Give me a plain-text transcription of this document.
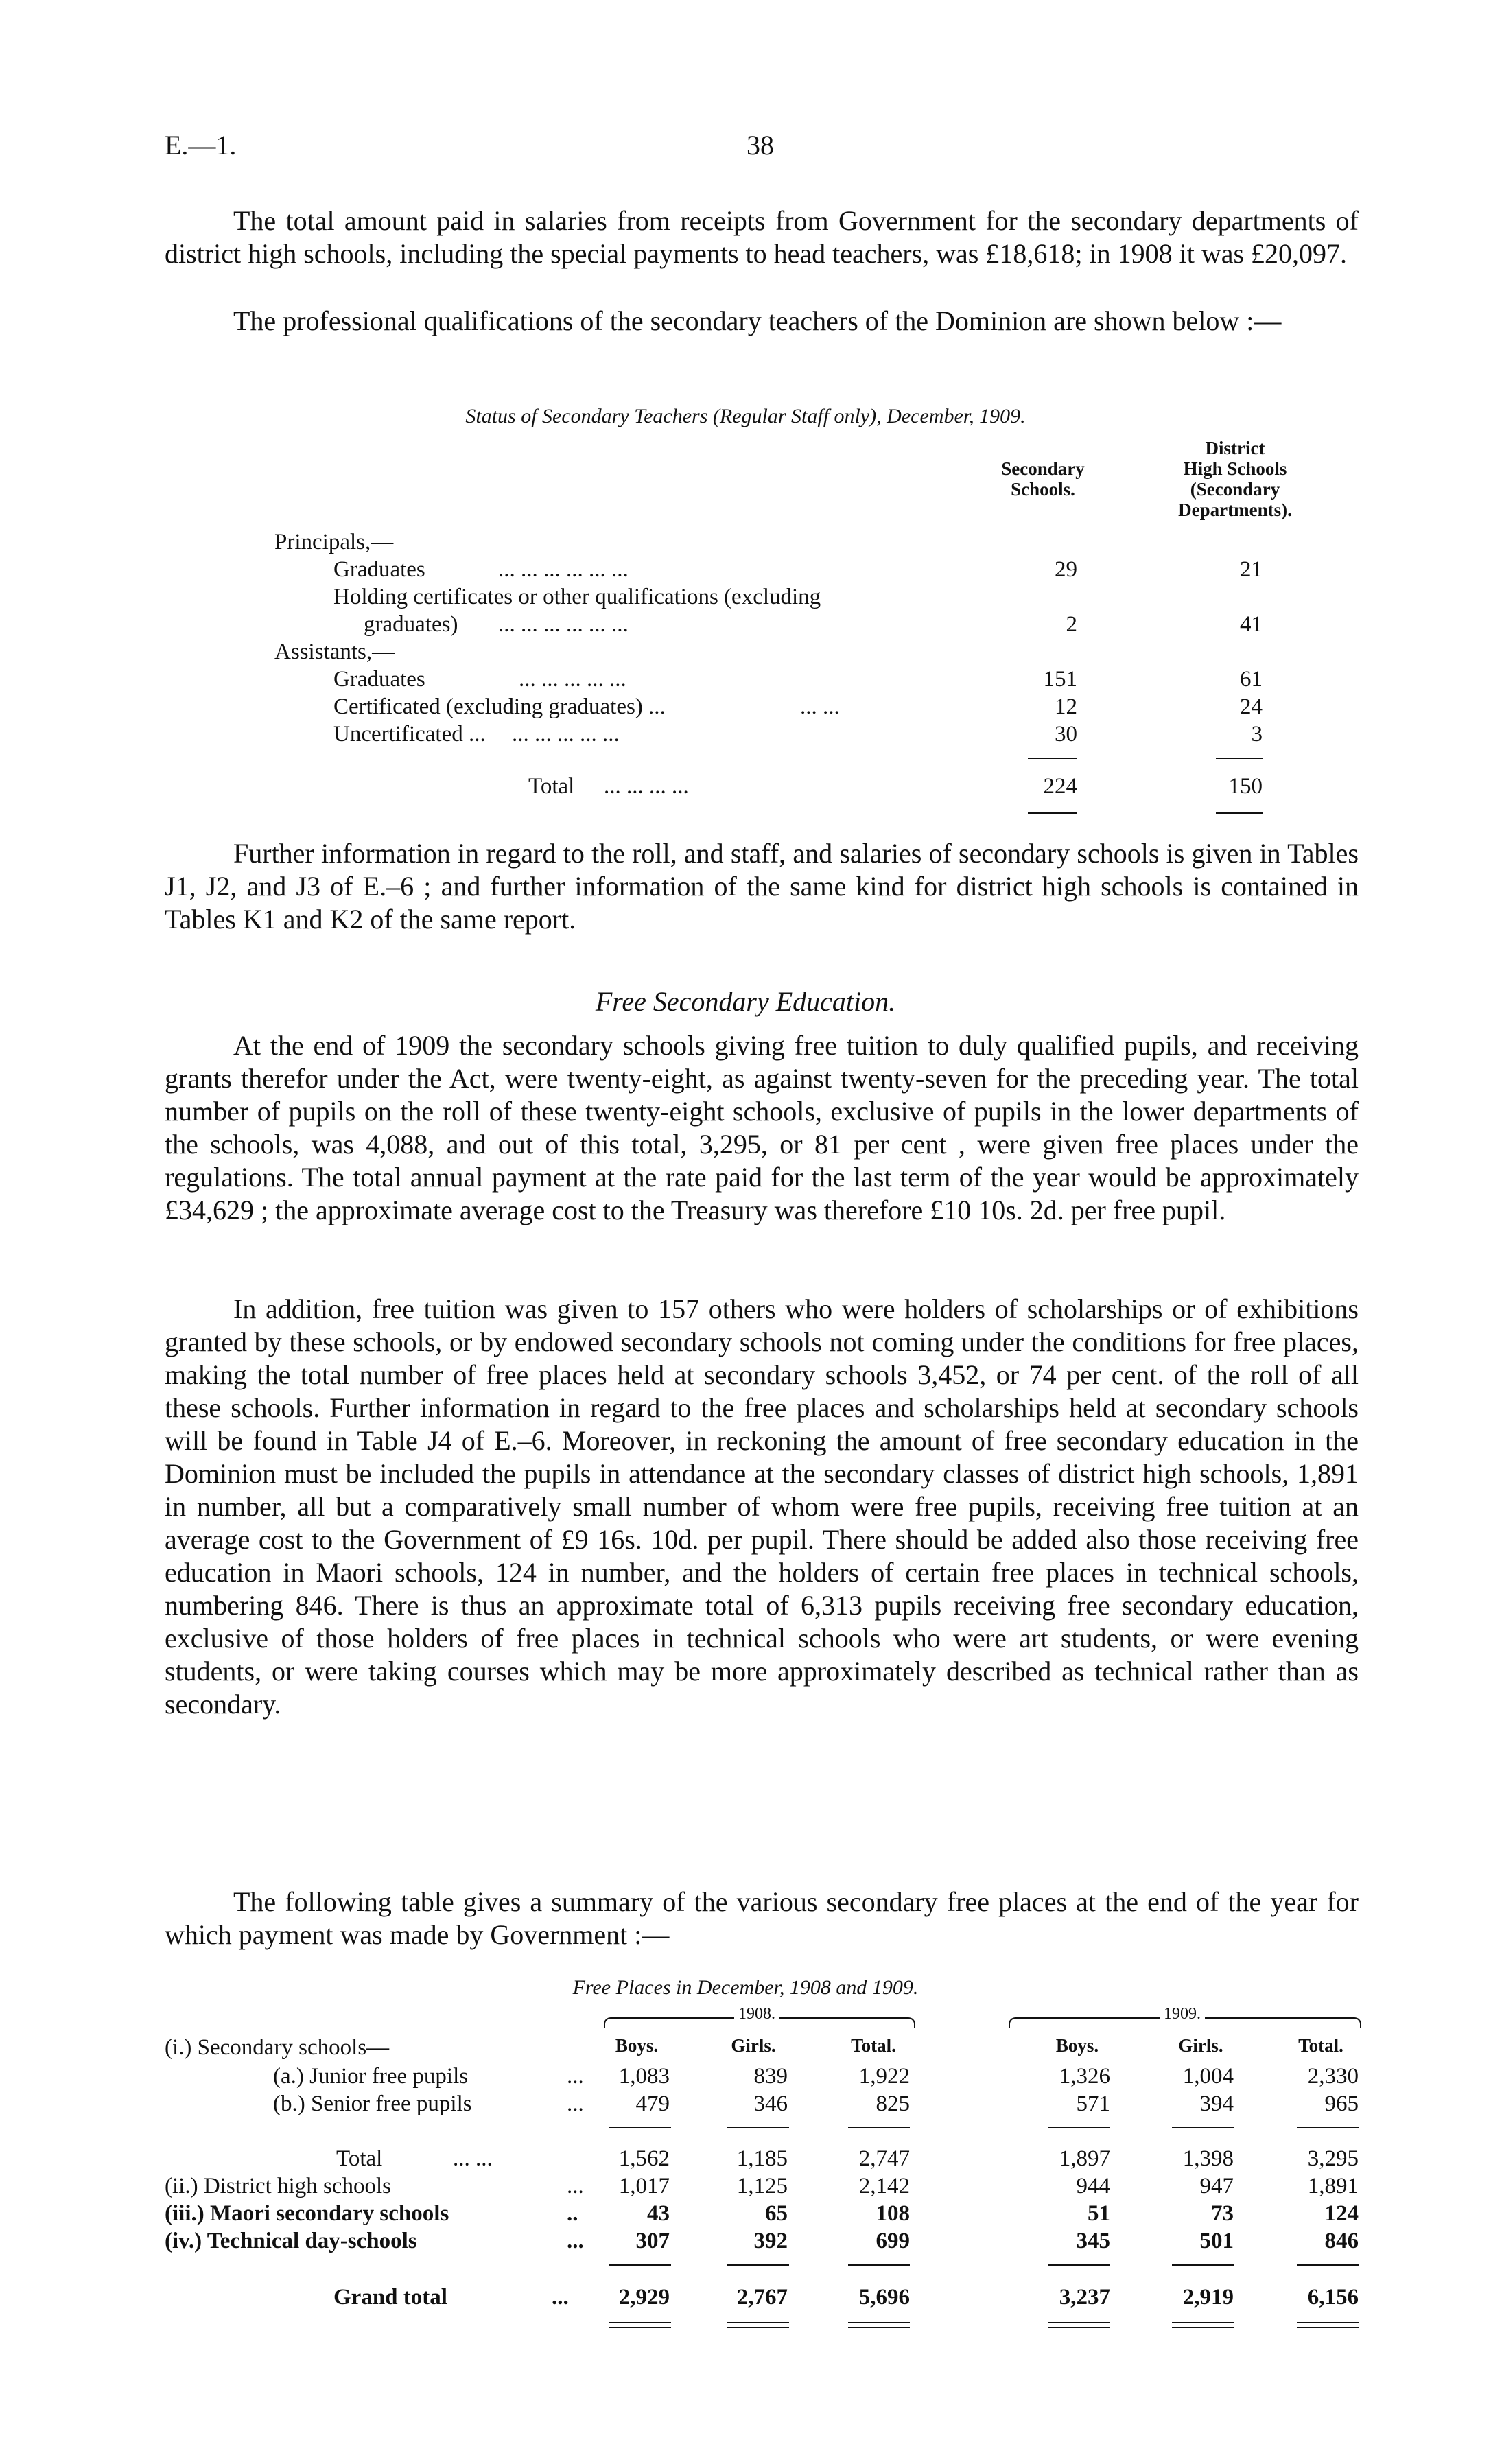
E.—1.	38

The total amount paid in salaries from receipts from Government for the secondary departments of district high schools, including the special payments to head teachers, was £18,618; in 1908 it was £20,097.

The professional qualifications of the secondary teachers of the Dominion are shown below :—

Status of Secondary Teachers (Regular Staff only), December, 1909.
Secondary
Schools.
District
High Schools
(Secondary
Departments).
Principals,—
Graduates	... ... ... ... ... ...	29	21
Holding certificates or other qualifications (excluding
graduates) ... ... ... ... ... ...	2	41
Assistants,—
Graduates	... ... ... ... ...	151	61
Certificated (excluding graduates) ...	... ...	12	24
Uncertificated ... ... ... ... ... ...	30	3
Total ... ... ... ...	224	150

Further information in regard to the roll, and staff, and salaries of secondary schools is given in Tables J1, J2, and J3 of E.–6 ; and further information of the same kind for district high schools is contained in Tables K1 and K2 of the same report.

Free Secondary Education.

At the end of 1909 the secondary schools giving free tuition to duly qualified pupils, and receiving grants therefor under the Act, were twenty-eight, as against twenty-seven for the preceding year. The total number of pupils on the roll of these twenty-eight schools, exclusive of pupils in the lower departments of the schools, was 4,088, and out of this total, 3,295, or 81 per cent , were given free places under the regulations. The total annual payment at the rate paid for the last term of the year would be approximately £34,629 ; the approximate average cost to the Treasury was therefore £10 10s. 2d. per free pupil.

In addition, free tuition was given to 157 others who were holders of scholarships or of exhibitions granted by these schools, or by endowed secondary schools not coming under the conditions for free places, making the total number of free places held at secondary schools 3,452, or 74 per cent. of the roll of all these schools. Further information in regard to the free places and scholarships held at secondary schools will be found in Table J4 of E.–6. Moreover, in reckoning the amount of free secondary education in the Dominion must be included the pupils in attendance at the secondary classes of district high schools, 1,891 in number, all but a comparatively small number of whom were free pupils, receiving free tuition at an average cost to the Government of £9 16s. 10d. per pupil. There should be added also those receiving free education in Maori schools, 124 in number, and the holders of certain free places in technical schools, numbering 846. There is thus an approximate total of 6,313 pupils receiving free secondary education, exclusive of those holders of free places in technical schools who were art students, or were evening students, or were taking courses which may be more approximately described as technical rather than as secondary.

The following table gives a summary of the various secondary free places at the end of the year for which payment was made by Government :—

Free Places in December, 1908 and 1909.
1908.	1909.
Boys.	Girls.	Total.	Boys.	Girls.	Total.
(i.) Secondary schools—
(a.) Junior free pupils	...	1,083	839	1,922	1,326	1,004	2,330
(b.) Senior free pupils	...	479	346	825	571	394	965
Total	... ...	1,562	1,185	2,747	1,897	1,398	3,295
(ii.) District high schools	...	1,017	1,125	2,142	944	947	1,891
(iii.) Maori secondary schools	..	43	65	108	51	73	124
(iv.) Technical day-schools	...	307	392	699	345	501	846
Grand total	...	2,929	2,767	5,696	3,237	2,919	6,156
